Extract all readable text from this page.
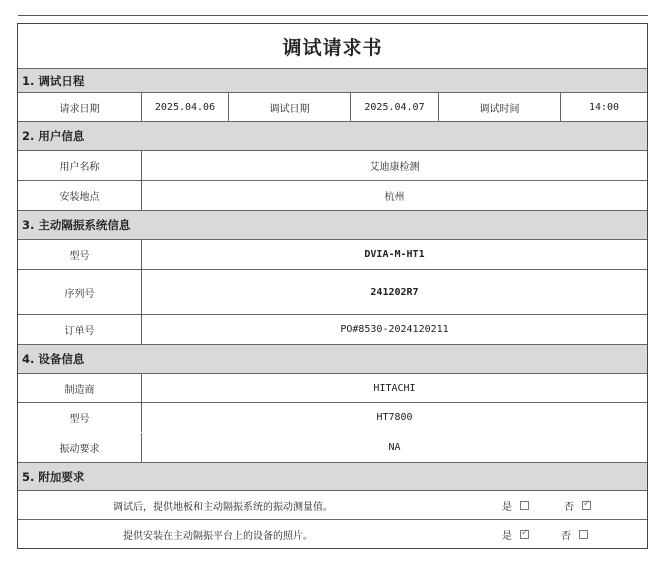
调试请求书
1. 调试日程
请求日期	2025.04.06	调试日期	2025.04.07	调试时间	14:00
2. 用户信息
用户名称	艾迪康检测
安装地点	杭州
3. 主动隔振系统信息
型号	DVIA-M-HT1
序列号	241202R7
订单号	PO#8530-2024120211
4. 设备信息
制造商	HITACHI
型号
振动要求
HT7800
NA
5. 附加要求
调试后，提供地板和主动隔振系统的振动测量值。	是	否
✓
提供安装在主动隔振平台上的设备的照片。	是
✓	否
